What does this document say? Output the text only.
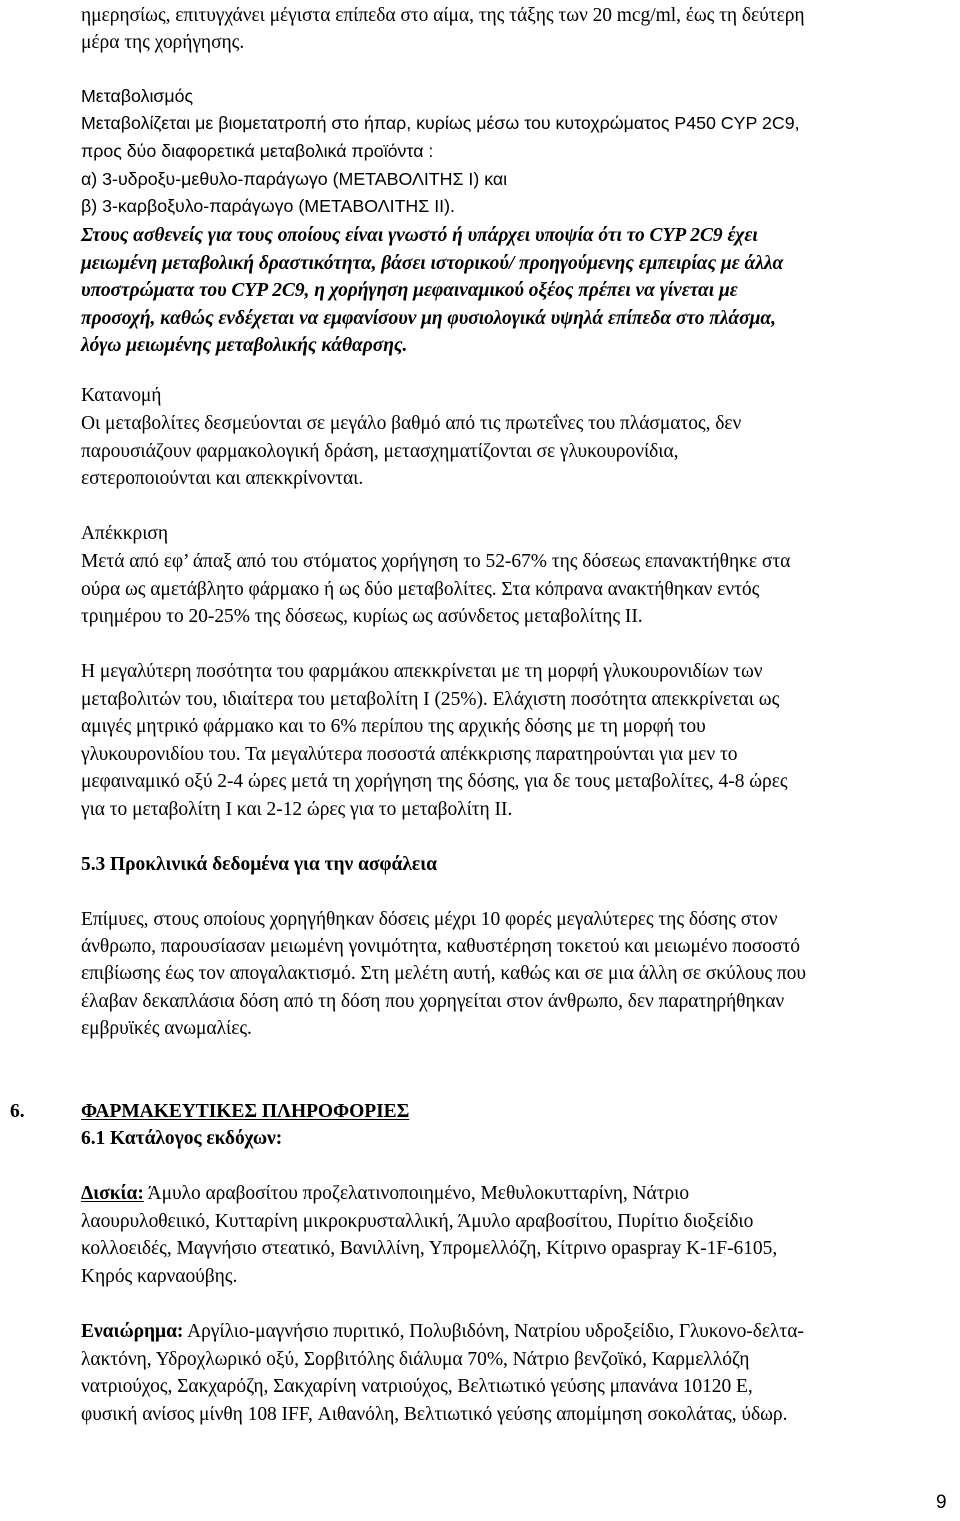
ημερησίως, επιτυγχάνει μέγιστα επίπεδα στο αίμα, της τάξης των 20 mcg/ml, έως τη δεύτερη
μέρα της χορήγησης.
Μεταβολισμός
Μεταβολίζεται με βιομετατροπή στο ήπαρ, κυρίως μέσω του κυτοχρώματος P450 CYP 2C9,
προς δύο διαφορετικά μεταβολικά προϊόντα :
α) 3-υδροξυ-μεθυλο-παράγωγο (ΜΕΤΑΒΟΛΙΤΗΣ Ι) και
β) 3-καρβοξυλο-παράγωγο (ΜΕΤΑΒΟΛΙΤΗΣ ΙΙ).
Στους ασθενείς για τους οποίους είναι γνωστό ή υπάρχει υποψία ότι το CYP 2C9 έχει
μειωμένη μεταβολική δραστικότητα, βάσει ιστορικού/ προηγούμενης εμπειρίας με άλλα
υποστρώματα του CYP 2C9, η χορήγηση μεφαιναμικού οξέος πρέπει να γίνεται με
προσοχή, καθώς ενδέχεται να εμφανίσουν μη φυσιολογικά υψηλά επίπεδα στο πλάσμα,
λόγω μειωμένης μεταβολικής κάθαρσης.
Κατανομή
Οι μεταβολίτες δεσμεύονται σε μεγάλο βαθμό από τις πρωτεΐνες του πλάσματος, δεν
παρουσιάζουν φαρμακολογική δράση, μετασχηματίζονται σε γλυκουρονίδια,
εστεροποιούνται και απεκκρίνονται.
Απέκκριση
Μετά από εφ’ άπαξ από του στόματος χορήγηση το 52-67% της δόσεως επανακτήθηκε στα
ούρα ως αμετάβλητο φάρμακο ή ως δύο μεταβολίτες. Στα κόπρανα ανακτήθηκαν εντός
τριημέρου το 20-25% της δόσεως, κυρίως ως ασύνδετος μεταβολίτης ΙΙ.
Η μεγαλύτερη ποσότητα του φαρμάκου απεκκρίνεται με τη μορφή γλυκουρονιδίων των
μεταβολιτών του, ιδιαίτερα του μεταβολίτη Ι (25%). Ελάχιστη ποσότητα απεκκρίνεται ως
αμιγές μητρικό φάρμακο και το 6% περίπου της αρχικής δόσης με τη μορφή του
γλυκουρονιδίου του. Τα μεγαλύτερα ποσοστά απέκκρισης παρατηρούνται για μεν το
μεφαιναμικό οξύ 2-4 ώρες μετά τη χορήγηση της δόσης, για δε τους μεταβολίτες, 4-8 ώρες
για το μεταβολίτη Ι και 2-12 ώρες για το μεταβολίτη ΙΙ.
5.3 Προκλινικά δεδομένα για την ασφάλεια
Επίμυες, στους οποίους χορηγήθηκαν δόσεις μέχρι 10 φορές μεγαλύτερες της δόσης στον
άνθρωπο, παρουσίασαν μειωμένη γονιμότητα, καθυστέρηση τοκετού και μειωμένο ποσοστό
επιβίωσης έως τον απογαλακτισμό. Στη μελέτη αυτή, καθώς και σε μια άλλη σε σκύλους που
έλαβαν δεκαπλάσια δόση από τη δόση που χορηγείται στον άνθρωπο, δεν παρατηρήθηκαν
εμβρυϊκές ανωμαλίες.
6.	ΦΑΡΜΑΚΕΥΤΙΚΕΣ ΠΛΗΡΟΦΟΡΙΕΣ
6.1 Κατάλογος εκδόχων:
Δισκία: Άμυλο αραβοσίτου προζελατινοποιημένο, Μεθυλοκυτταρίνη, Νάτριο
λαουρυλοθειικό, Κυτταρίνη μικροκρυσταλλική, Άμυλο αραβοσίτου, Πυρίτιο διοξείδιο
κολλοειδές, Μαγνήσιο στεατικό, Βανιλλίνη, Υπρομελλόζη, Κίτρινο opaspray K-1F-6105,
Κηρός καρναούβης.
Εναιώρημα: Αργίλιο-μαγνήσιο πυριτικό, Πολυβιδόνη, Νατρίου υδροξείδιο, Γλυκονο-δελτα-
λακτόνη, Υδροχλωρικό οξύ, Σορβιτόλης διάλυμα 70%, Νάτριο βενζοϊκό, Καρμελλόζη
νατριούχος, Σακχαρόζη, Σακχαρίνη νατριούχος, Βελτιωτικό γεύσης μπανάνα 10120 E,
φυσική ανίσος μίνθη 108 IFF, Αιθανόλη, Βελτιωτικό γεύσης απομίμηση σοκολάτας, ύδωρ.
9
